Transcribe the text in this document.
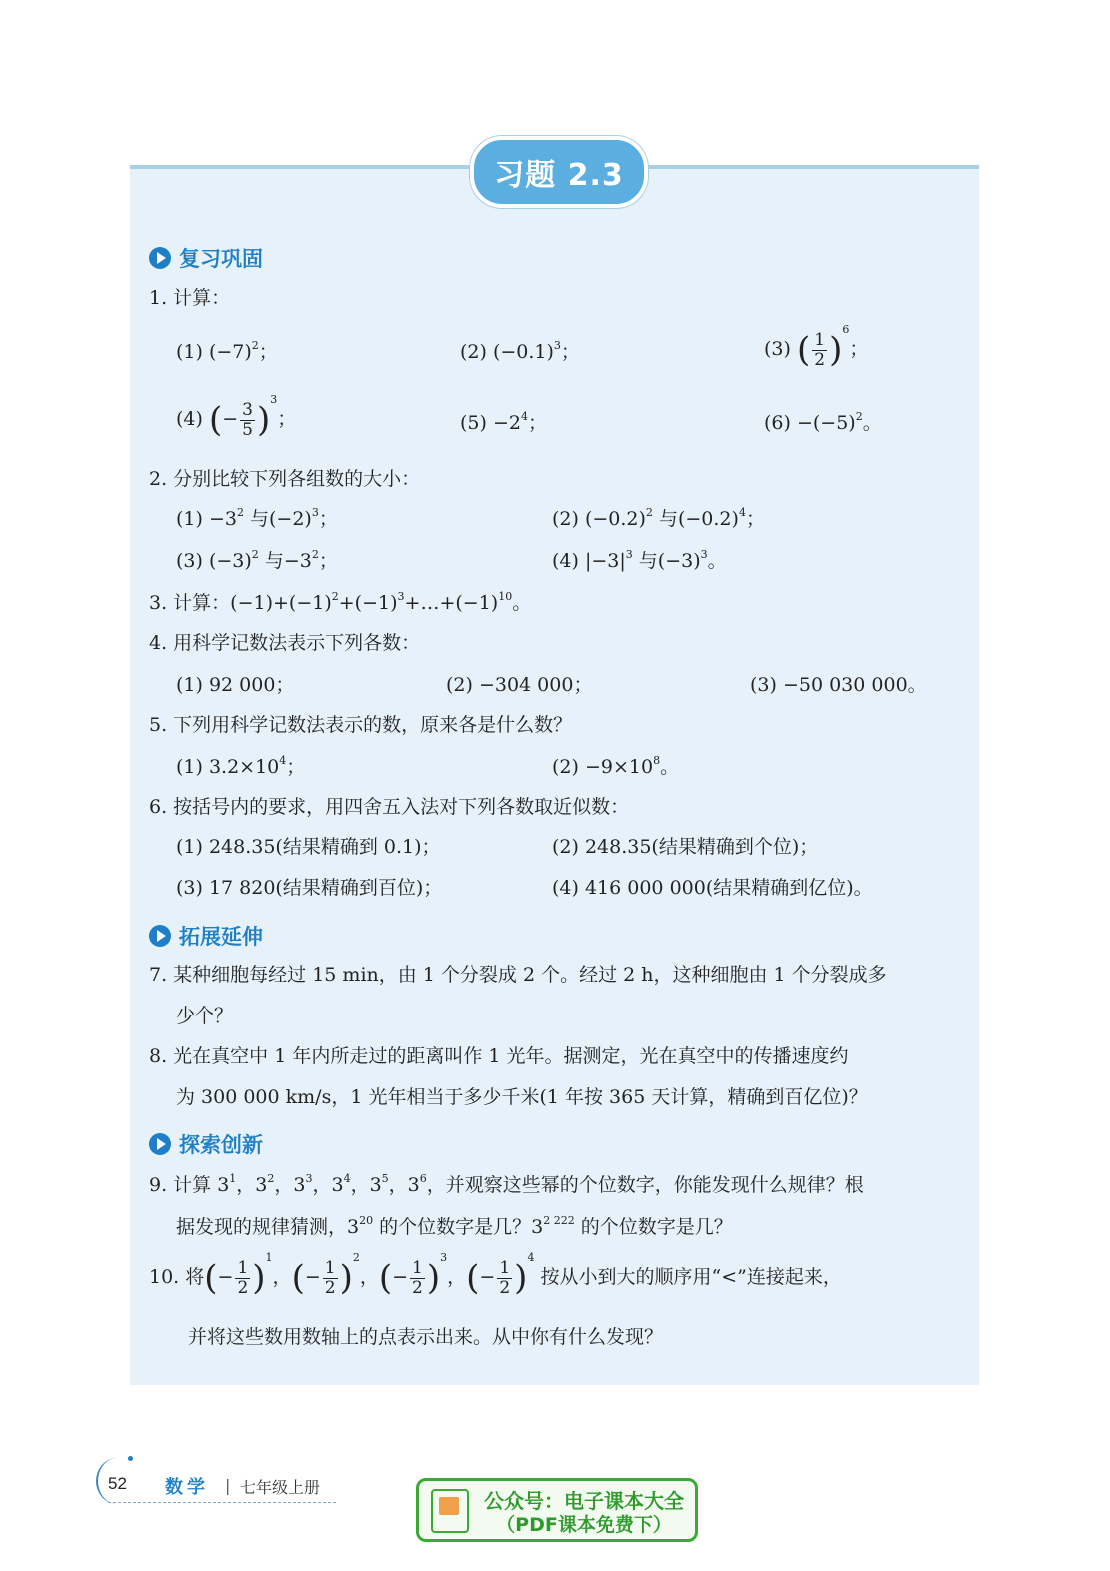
习题 2.3
复习巩固
1. 计算：
(1) $(-7)^2$；	(2) $(-0.1)^3$；	(3) ( $\frac{1}{2} )^6$；
(4) (− $\frac{3}{5} )^3$；	$(5) -2^4$；	$(6) -(-5)^2$。
2. 分别比较下列各组数的大小：
$(1) -3^2$ 与$(-2)^3$；	(2) $(-0.2)^2$ 与$(-0.2)^4$；
(3) $(-3)^2$ 与$-3^2$；	(4) $|-3|^3$ 与$(-3)^3$。
3. 计算：$(-1)+(-1)^2+(-1)^3+\dots+(-1)^{10}$。
4. 用科学记数法表示下列各数：
(1) 92 000；	(2) −304 000；	(3) −50 030 000。
5. 下列用科学记数法表示的数，原来各是什么数？
(1) $3.2\times 10^4$；	$(2) -9\times 10^8$。
6. 按括号内的要求，用四舍五入法对下列各数取近似数：
(1) 248.35(结果精确到 0.1)；	(2) 248.35(结果精确到个位)；
(3) 17 820(结果精确到百位)；	(4) 416 000 000(结果精确到亿位)。
拓展延伸
7. 某种细胞每经过 15 min，由 1 个分裂成 2 个。经过 2 h，这种细胞由 1 个分裂成多
少个？
8. 光在真空中 1 年内所走过的距离叫作 1 光年。据测定，光在真空中的传播速度约
为 300 000 km/s，1 光年相当于多少千米(1 年按 365 天计算，精确到百亿位)？
探索创新
9. 计算 $3^1$，$3^2$，$3^3$，$3^4$，$3^5$，$3^6$，并观察这些幂的个位数字，你能发现什么规律？根
据发现的规律猜测，$3^{20}$ 的个位数字是几？$3^{2 222}$ 的个位数字是几？
10. 将(− $\frac{1}{2} )^1$，(− $\frac{1}{2} )^2$，(− $\frac{1}{2} )^3$，(− $\frac{1}{2} )^4$ 按从小到大的顺序用“<”连接起来，
并将这些数用数轴上的点表示出来。从中你有什么发现？
52 数学 | 七年级上册
公众号：电子课本大全
（PDF课本免费下）
